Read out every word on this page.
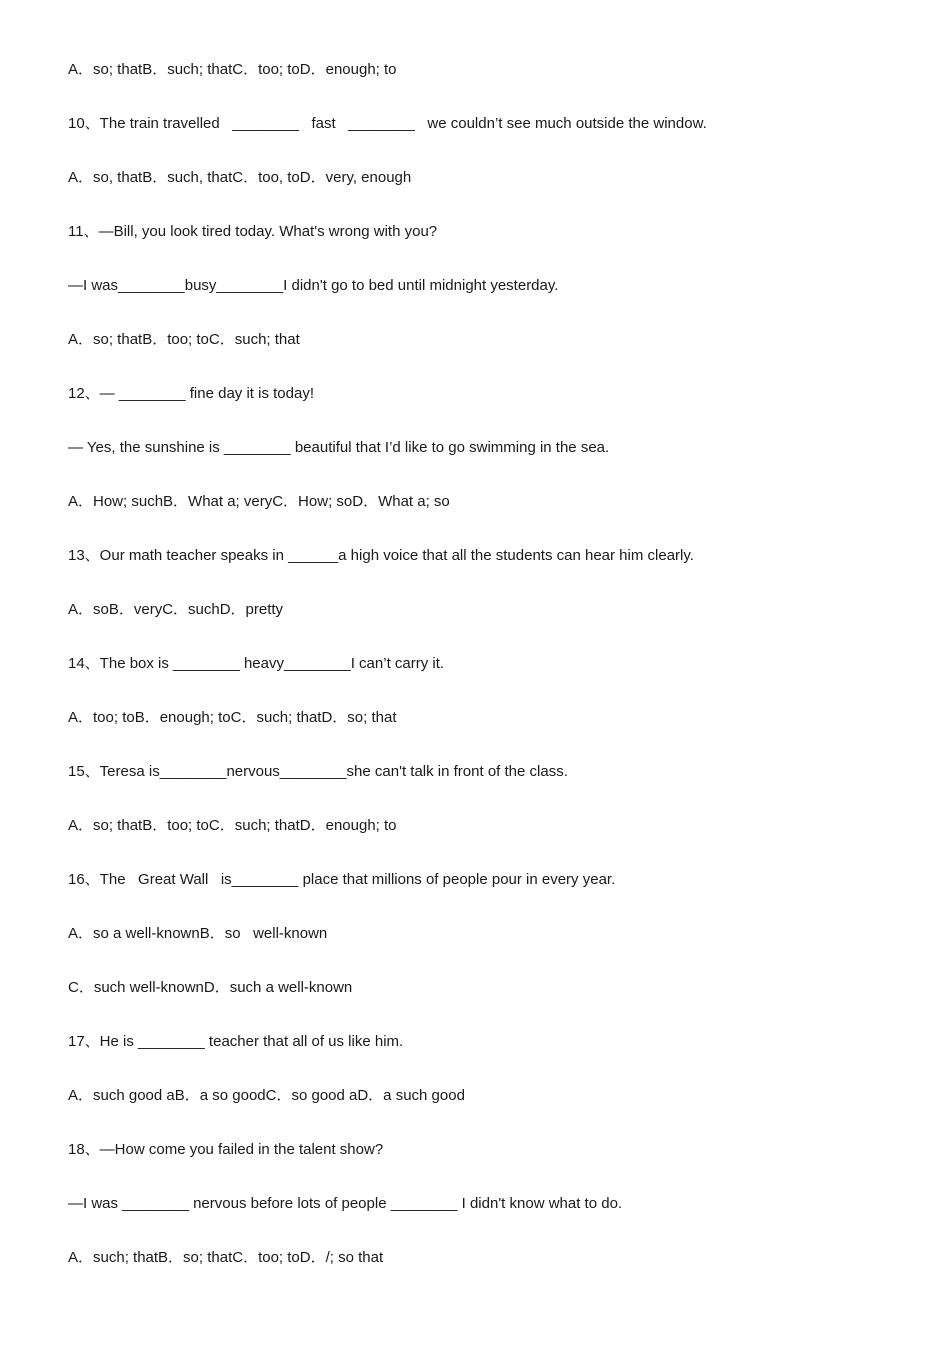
A．so; thatB．such; thatC．too; toD．enough; to
10、The train travelled   ________   fast   ________   we couldn’t see much outside the window.
A．so, thatB．such, thatC．too, toD．very, enough
11、—Bill, you look tired today. What's wrong with you?
—I was________busy________I didn't go to bed until midnight yesterday.
A．so; thatB．too; toC．such; that
12、— ________ fine day it is today!
— Yes, the sunshine is ________ beautiful that I’d like to go swimming in the sea.
A．How; suchB．What a; veryC．How; soD．What a; so
13、Our math teacher speaks in ______a high voice that all the students can hear him clearly.
A．soB．veryC．suchD．pretty
14、The box is ________ heavy________I can’t carry it.
A．too; toB．enough; toC．such; thatD．so; that
15、Teresa is________nervous________she can't talk in front of the class.
A．so; thatB．too; toC．such; thatD．enough; to
16、The   Great Wall   is________ place that millions of people pour in every year.
A．so a well-knownB．so   well-known
C．such well-knownD．such a well-known
17、He is ________ teacher that all of us like him.
A．such good aB．a so goodC．so good aD．a such good
18、—How come you failed in the talent show?
—I was ________ nervous before lots of people ________ I didn't know what to do.
A．such; thatB．so; thatC．too; toD．/; so that
